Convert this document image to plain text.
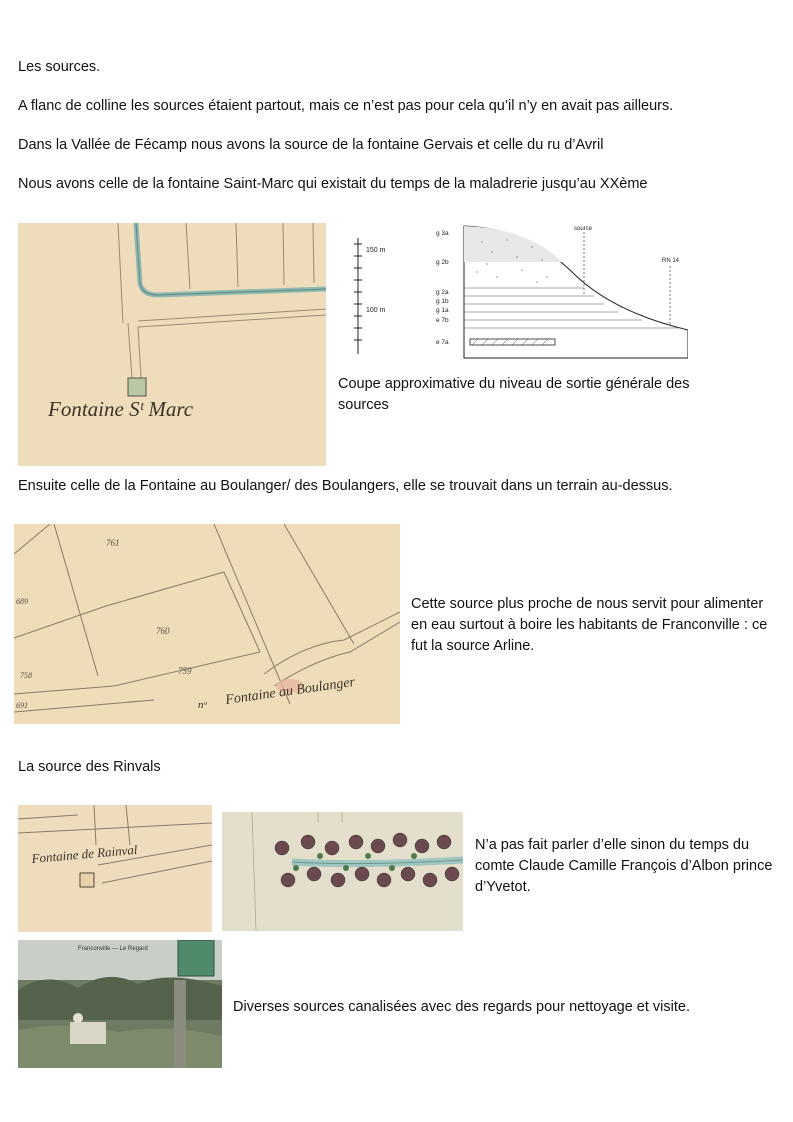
Les sources.
A flanc de colline les sources étaient partout, mais ce n’est pas pour cela qu’il n’y en avait pas ailleurs.
Dans la Vallée de Fécamp nous avons la source de la fontaine Gervais et celle du ru d’Avril
Nous avons celle de la fontaine Saint-Marc qui existait du temps de la maladrerie jusqu’au XXème
Fontaine Sᵗ Marc
150 m
100 m
g 3a
g 2b
g 2a
g 1b
g 1a
e 7b
e 7a
source
RN 14
Coupe approximative du niveau de sortie générale des sources
Ensuite celle de la Fontaine au Boulanger/ des Boulangers, elle se trouvait dans un terrain au-dessus.
761
760
759
689
691
758
nᵒ Fontaine au Boulanger
Cette source plus proche de nous servit pour alimenter en eau surtout à boire les habitants de Franconville : ce fut la source Arline.
La source des Rinvals
Fontaine de Rainval	N’a pas fait parler d’elle sinon du temps du comte Claude Camille François d’Albon prince d’Yvetot.
Franconville — Le Regard
Diverses sources canalisées avec des regards pour nettoyage et visite.
